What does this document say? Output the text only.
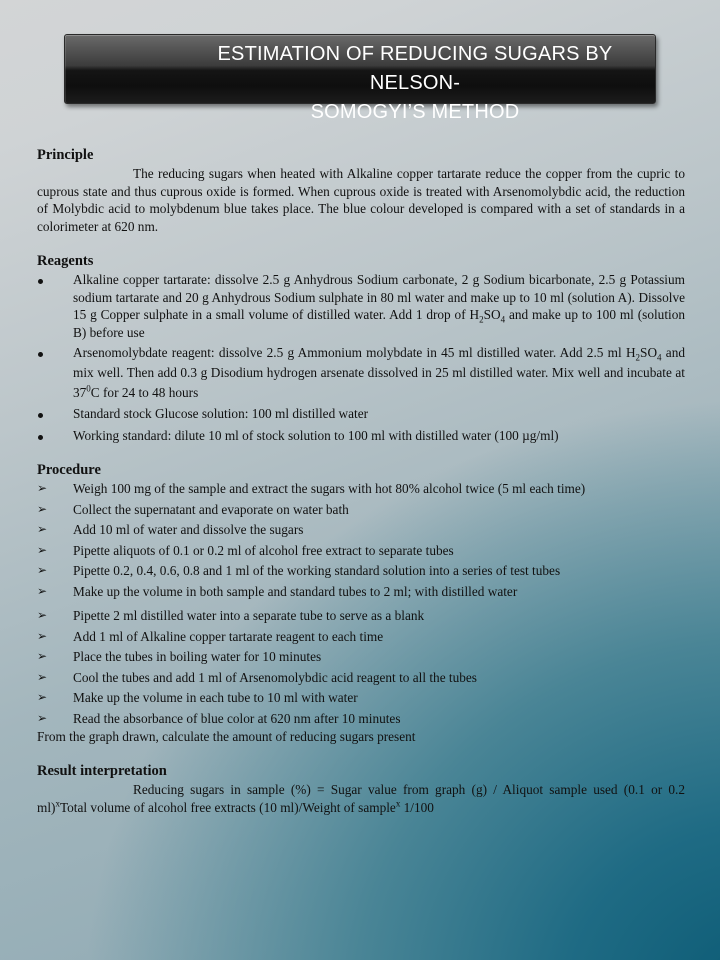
ESTIMATION OF REDUCING SUGARS BY NELSON-
SOMOGYI’S METHOD
Principle

The reducing sugars when heated with Alkaline copper tartarate reduce the copper from the cupric to cuprous state and thus cuprous oxide is formed. When cuprous oxide is treated with Arsenomolybdic acid, the reduction of Molybdic acid to molybdenum blue takes place. The blue colour developed is compared with a set of standards in a colorimeter at 620 nm.

Reagents
Alkaline copper tartarate: dissolve 2.5 g Anhydrous Sodium carbonate, 2 g Sodium bicarbonate, 2.5 g Potassium sodium tartarate and 20 g Anhydrous Sodium sulphate in 80 ml water and make up to 10 ml (solution A). Dissolve 15 g Copper sulphate in a small volume of distilled water. Add 1 drop of $H_2SO_4$ and make up to 100 ml (solution B) before use
Arsenomolybdate reagent: dissolve 2.5 g Ammonium molybdate in 45 ml distilled water. Add 2.5 ml $H_2SO_4$ and mix well. Then add 0.3 g Disodium hydrogen arsenate dissolved in 25 ml distilled water. Mix well and incubate at $37^0C$ for 24 to 48 hours
Standard stock Glucose solution: 100 ml distilled water
Working standard: dilute 10 ml of stock solution to 100 ml with distilled water (100 µg/ml)
Procedure
➢	Weigh 100 mg of the sample and extract the sugars with hot 80% alcohol twice (5 ml each time)
➢	Collect the supernatant and evaporate on water bath
➢	Add 10 ml of water and dissolve the sugars
➢	Pipette aliquots of 0.1 or 0.2 ml of alcohol free extract to separate tubes
➢	Pipette 0.2, 0.4, 0.6, 0.8 and 1 ml of the working standard solution into a series of test tubes
➢	Make up the volume in both sample and standard tubes to 2 ml; with distilled water
➢	Pipette 2 ml distilled water into a separate tube to serve as a blank
➢	Add 1 ml of Alkaline copper tartarate reagent to each time
➢	Place the tubes in boiling water for 10 minutes
➢	Cool the tubes and add 1 ml of Arsenomolybdic acid reagent to all the tubes
➢	Make up the volume in each tube to 10 ml with water
➢	Read the absorbance of blue color at 620 nm after 10 minutes

From the graph drawn, calculate the amount of reducing sugars present

Result interpretation

Reducing sugars in sample (%) = Sugar value from graph (g) / Aliquot sample used (0.1 or 0.2 ml)$^x$Total volume of alcohol free extracts (10 ml)/Weight of sample$^x$ 1/100
